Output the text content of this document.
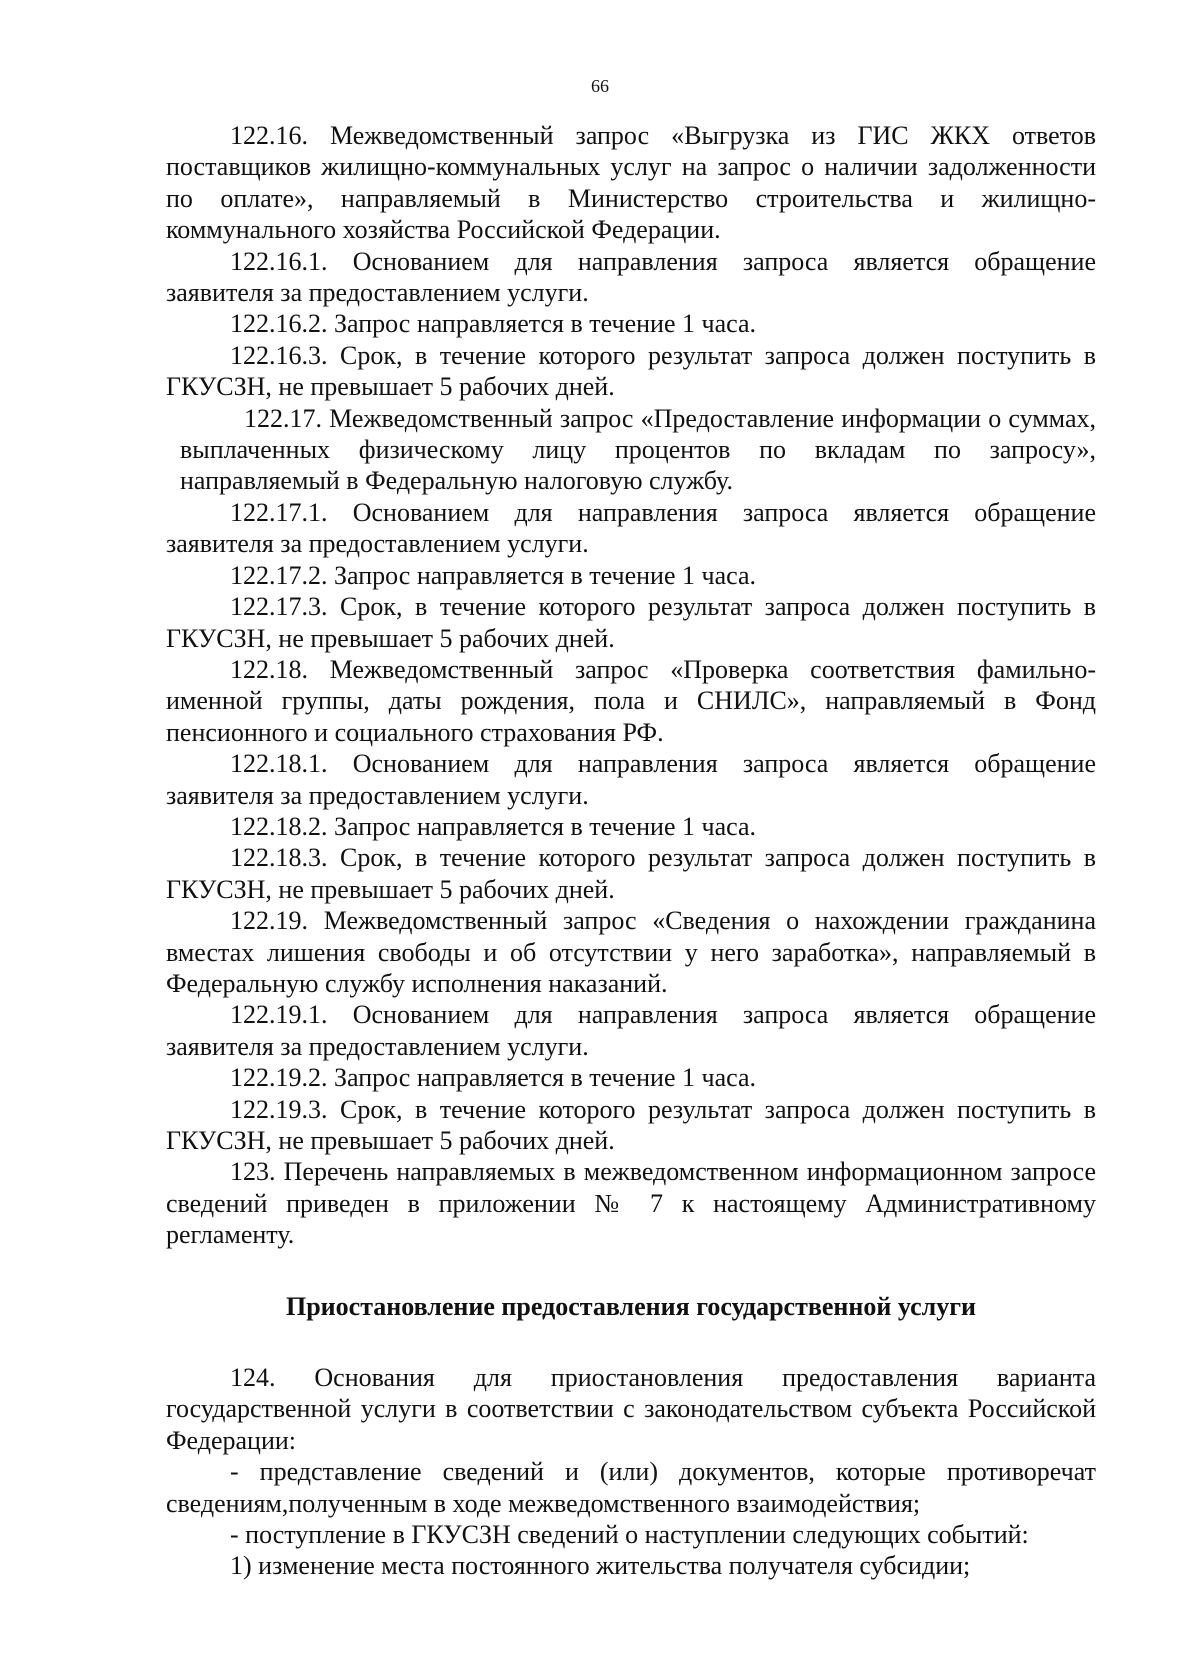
66

122.16. Межведомственный запрос «Выгрузка из ГИС ЖКХ ответов поставщиков жилищно-коммунальных услуг на запрос о наличии задолженности по оплате», направляемый в Министерство строительства и жилищно-коммунального хозяйства Российской Федерации.

122.16.1. Основанием для направления запроса является обращение заявителя за предоставлением услуги.

122.16.2. Запрос направляется в течение 1 часа.

122.16.3. Срок, в течение которого результат запроса должен поступить в ГКУСЗН, не превышает 5 рабочих дней.

122.17. Межведомственный запрос «Предоставление информации о суммах, выплаченных физическому лицу процентов по вкладам по запросу», направляемый в Федеральную налоговую службу.

122.17.1. Основанием для направления запроса является обращение заявителя за предоставлением услуги.

122.17.2. Запрос направляется в течение 1 часа.

122.17.3. Срок, в течение которого результат запроса должен поступить в ГКУСЗН, не превышает 5 рабочих дней.

122.18. Межведомственный запрос «Проверка соответствия фамильно-именной группы, даты рождения, пола и СНИЛС», направляемый в Фонд пенсионного и социального страхования РФ.

122.18.1. Основанием для направления запроса является обращение заявителя за предоставлением услуги.

122.18.2. Запрос направляется в течение 1 часа.

122.18.3. Срок, в течение которого результат запроса должен поступить в ГКУСЗН, не превышает 5 рабочих дней.

122.19. Межведомственный запрос «Сведения о нахождении гражданина вместах лишения свободы и об отсутствии у него заработка», направляемый в Федеральную службу исполнения наказаний.

122.19.1. Основанием для направления запроса является обращение заявителя за предоставлением услуги.

122.19.2. Запрос направляется в течение 1 часа.

122.19.3. Срок, в течение которого результат запроса должен поступить в ГКУСЗН, не превышает 5 рабочих дней.

123. Перечень направляемых в межведомственном информационном запросе сведений приведен в приложении № 7 к настоящему Административному регламенту.

Приостановление предоставления государственной услуги

124. Основания для приостановления предоставления варианта государственной услуги в соответствии с законодательством субъекта Российской Федерации:

- представление сведений и (или) документов, которые противоречат сведениям,полученным в ходе межведомственного взаимодействия;

- поступление в ГКУСЗН сведений о наступлении следующих событий:

1) изменение места постоянного жительства получателя субсидии;
